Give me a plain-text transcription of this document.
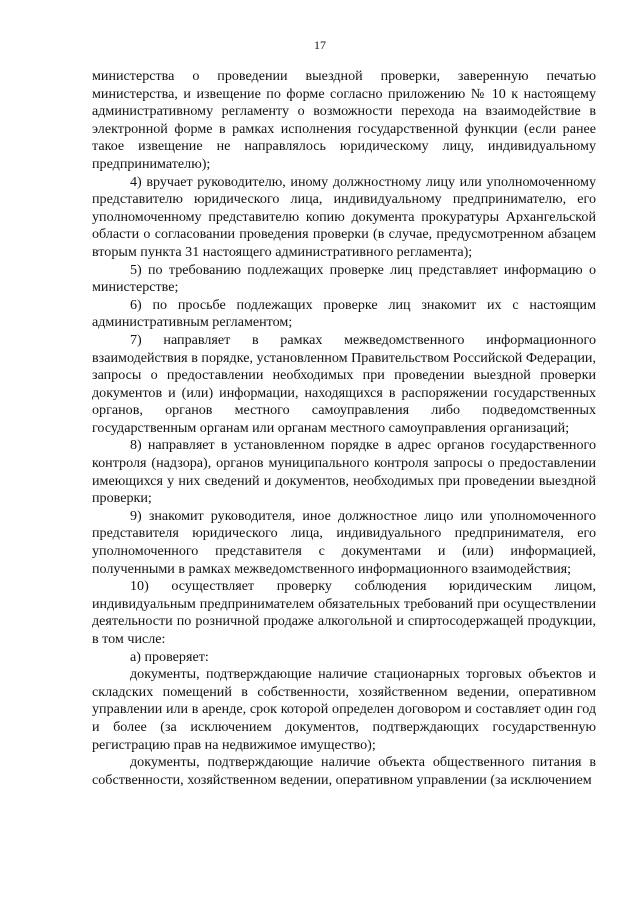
17

министерства о проведении выездной проверки, заверенную печатью министерства, и извещение по форме согласно приложению № 10 к настоящему административному регламенту о возможности перехода на взаимодействие в электронной форме в рамках исполнения государственной функции (если ранее такое извещение не направлялось юридическому лицу, индивидуальному предпринимателю);

4) вручает руководителю, иному должностному лицу или уполномоченному представителю юридического лица, индивидуальному предпринимателю, его уполномоченному представителю копию документа прокуратуры Архангельской области о согласовании проведения проверки (в случае, предусмотренном абзацем вторым пункта 31 настоящего административного регламента);

5) по требованию подлежащих проверке лиц представляет информацию о министерстве;

6) по просьбе подлежащих проверке лиц знакомит их с настоящим административным регламентом;

7) направляет в рамках межведомственного информационного взаимодействия в порядке, установленном Правительством Российской Федерации, запросы о предоставлении необходимых при проведении выездной проверки документов и (или) информации, находящихся в распоряжении государственных органов, органов местного самоуправления либо подведомственных государственным органам или органам местного самоуправления организаций;

8) направляет в установленном порядке в адрес органов государственного контроля (надзора), органов муниципального контроля запросы о предоставлении имеющихся у них сведений и документов, необходимых при проведении выездной проверки;

9) знакомит руководителя, иное должностное лицо или уполномоченного представителя юридического лица, индивидуального предпринимателя, его уполномоченного представителя с документами и (или) информацией, полученными в рамках межведомственного информационного взаимодействия;

10) осуществляет проверку соблюдения юридическим лицом, индивидуальным предпринимателем обязательных требований при осуществлении деятельности по розничной продаже алкогольной и спиртосодержащей продукции, в том числе:

а) проверяет:

документы, подтверждающие наличие стационарных торговых объектов и складских помещений в собственности, хозяйственном ведении, оперативном управлении или в аренде, срок которой определен договором и составляет один год и более (за исключением документов, подтверждающих государственную регистрацию прав на недвижимое имущество);

документы, подтверждающие наличие объекта общественного питания в собственности, хозяйственном ведении, оперативном управлении (за исключением
